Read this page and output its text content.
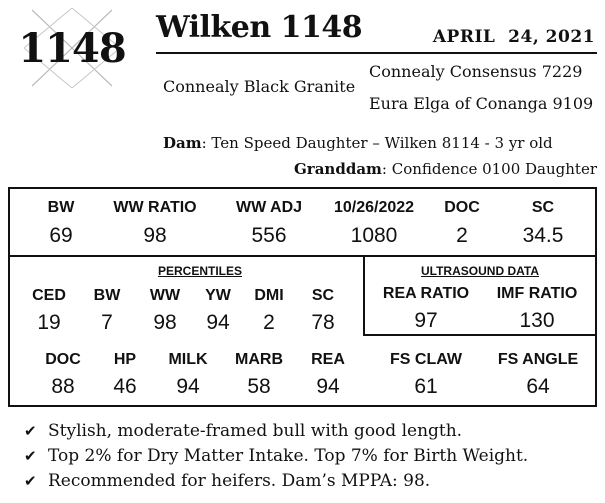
1148 Wilken 1148	APRIL  24, 2021
Connealy Black Granite
Connealy Consensus 7229
Eura Elga of Conanga 9109
Dam: Ten Speed Daughter – Wilken 8114 - 3 yr old
Granddam: Confidence 0100 Daughter
BW
69
WW RATIO
98
WW ADJ
556
10/26/2022
1080
DOC
2
SC
34.5
PERCENTILES
CED
19
BW
7
WW
98
YW
94
DMI
2
SC
78
ULTRASOUND DATA
REA RATIO
97
IMF RATIO
130
DOC
88
HP
46
MILK
94
MARB
58
REA
94
FS CLAW
61
FS ANGLE
64
✔ Stylish, moderate-framed bull with good length.
✔ Top 2% for Dry Matter Intake. Top 7% for Birth Weight.
✔ Recommended for heifers. Dam’s MPPA: 98.
